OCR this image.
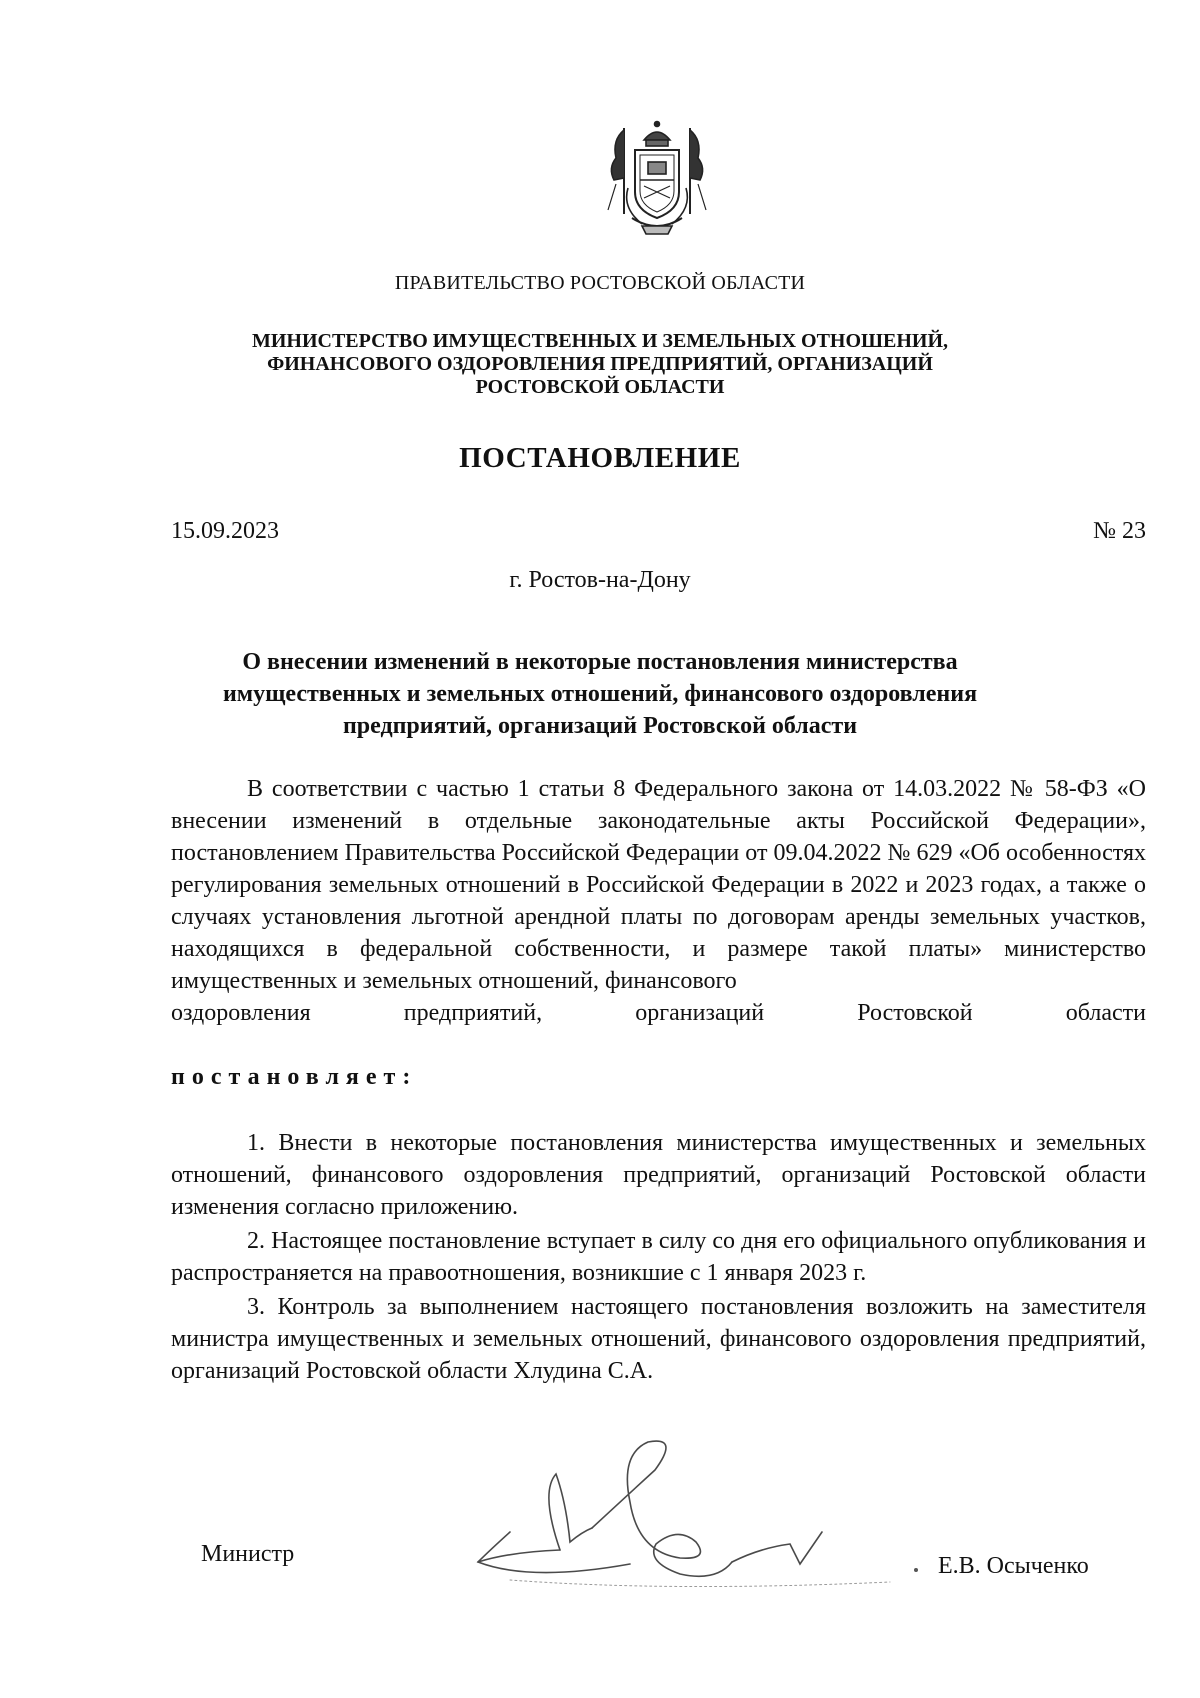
ПРАВИТЕЛЬСТВО РОСТОВСКОЙ ОБЛАСТИ
МИНИСТЕРСТВО ИМУЩЕСТВЕННЫХ И ЗЕМЕЛЬНЫХ ОТНОШЕНИЙ,
ФИНАНСОВОГО ОЗДОРОВЛЕНИЯ ПРЕДПРИЯТИЙ, ОРГАНИЗАЦИЙ
РОСТОВСКОЙ ОБЛАСТИ
ПОСТАНОВЛЕНИЕ
15.09.2023	№ 23
г. Ростов-на-Дону
О внесении изменений в некоторые постановления министерства
имущественных и земельных отношений, финансового оздоровления
предприятий, организаций Ростовской области

В соответствии с частью 1 статьи 8 Федерального закона от 14.03.2022 № 58-ФЗ «О внесении изменений в отдельные законодательные акты Российской Федерации», постановлением Правительства Российской Федерации от 09.04.2022 № 629 «Об особенностях регулирования земельных отношений в Российской Федерации в 2022 и 2023 годах, а также о случаях установления льготной арендной платы по договорам аренды земельных участков, находящихся в федеральной собственности, и размере такой платы» министерство имущественных и земельных отношений, финансового

оздоровления предприятий, организаций Ростовской области

постановляет:

1. Внести в некоторые постановления министерства имущественных и земельных отношений, финансового оздоровления предприятий, организаций Ростовской области изменения согласно приложению.

2. Настоящее постановление вступает в силу со дня его официального опубликования и распространяется на правоотношения, возникшие с 1 января 2023 г.

3. Контроль за выполнением настоящего постановления возложить на заместителя министра имущественных и земельных отношений, финансового оздоровления предприятий, организаций Ростовской области Хлудина С.А.

Министр	Е.В. Осыченко
